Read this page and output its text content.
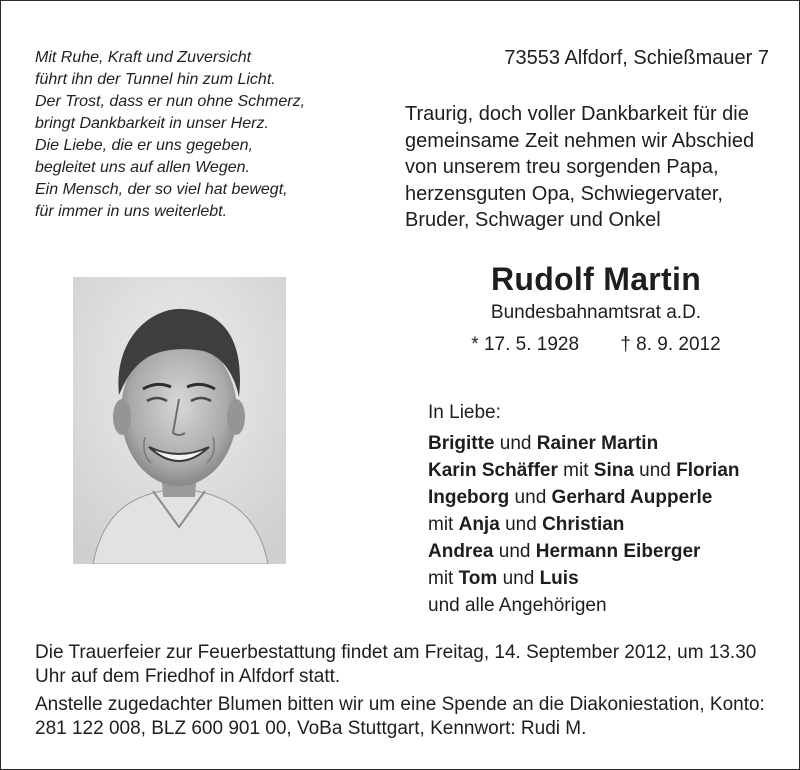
Mit Ruhe, Kraft und Zuversicht
führt ihn der Tunnel hin zum Licht.
Der Trost, dass er nun ohne Schmerz,
bringt Dankbarkeit in unser Herz.
Die Liebe, die er uns gegeben,
begleitet uns auf allen Wegen.
Ein Mensch, der so viel hat bewegt,
für immer in uns weiterlebt.
73553 Alfdorf, Schießmauer 7
Traurig, doch voller Dankbarkeit für die
gemeinsame Zeit nehmen wir Abschied
von unserem treu sorgenden Papa,
herzensguten Opa, Schwiegervater,
Bruder, Schwager und Onkel
Rudolf Martin
Bundesbahnamtsrat a.D.
* 17. 5. 1928 † 8. 9. 2012
In Liebe:
Brigitte und Rainer Martin
Karin Schäffer mit Sina und Florian
Ingeborg und Gerhard Aupperle
mit Anja und Christian
Andrea und Hermann Eiberger
mit Tom und Luis
und alle Angehörigen

Die Trauerfeier zur Feuerbestattung findet am Freitag, 14. September 2012, um 13.30 Uhr auf dem Friedhof in Alfdorf statt.

Anstelle zugedachter Blumen bitten wir um eine Spende an die Diakoniestation, Konto: 281 122 008, BLZ 600 901 00, VoBa Stuttgart, Kennwort: Rudi M.
